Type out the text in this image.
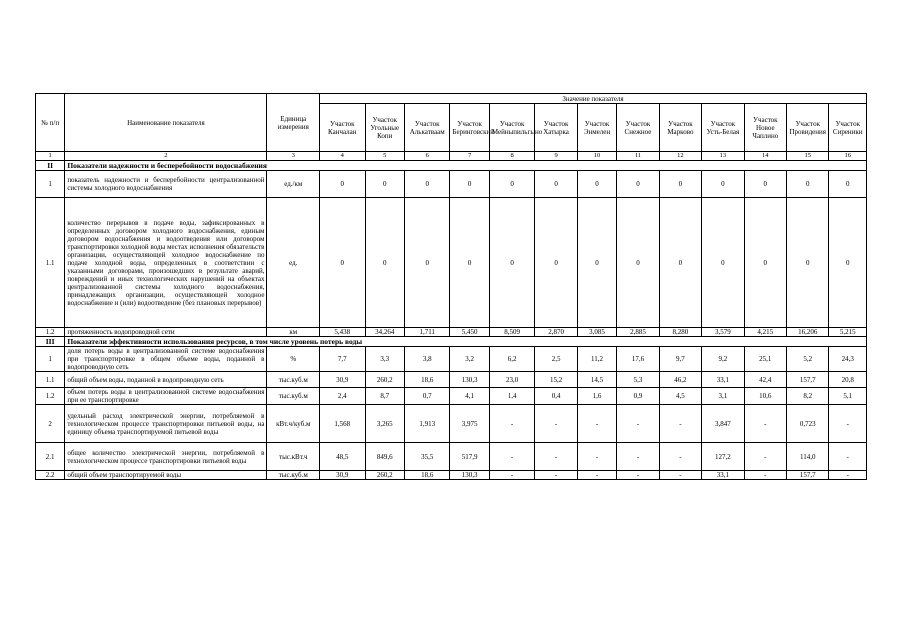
№ п/п	Наименование показателя	Единица измерения	Значение показателя												
			Участок Канчалан	Участок Угольные Копи	Участок Алькатваам	Участок Беринговский	Участок Мейныпильгыно	Участок Хатырка	Участок Энмелен	Участок Снежное	Участок Марково	Участок Усть-Белая	Участок Новое Чаплино	Участок Провидения	Участок Сиреники
1	2	3	4	5	6	7	8	9	10	11	12	13	14	15	16
II	Показатели надежности и бесперебойности водоснабжения														
1	показатель надежности и бесперебойности централизованной системы холодного водоснабжения	ед./км	0	0	0	0	0	0	0	0	0	0	0	0	0
1.1	количество перерывов в подаче воды, зафиксированных в определенных договором холодного водоснабжения, единым договором водоснабжения и водоотведения или договором транспортировки холодной воды местах исполнения обязательств организации, осуществляющей холодное водоснабжение по подаче холодной воды, определенных в соответствии с указанными договорами, произошедших в результате аварий, повреждений и иных технологических нарушений на объектах централизованной системы холодного водоснабжения, принадлежащих организации, осуществляющей холодное водоснабжение и (или) водоотведение (без плановых перерывов)	ед.	0	0	0	0	0	0	0	0	0	0	0	0	0
1.2	протяженность водопроводной сети	км	5,438	34,264	1,711	5,450	8,509	2,870	3,085	2,885	8,280	3,579	4,215	16,206	5,215
III	Показатели эффективности использования ресурсов, в том числе уровень потерь воды														
1	доля потерь воды в централизованной системе водоснабжения при транспортировке в общем объеме воды, поданной в водопроводную сеть	%	7,7	3,3	3,8	3,2	6,2	2,5	11,2	17,6	9,7	9,2	25,1	5,2	24,3
1.1	общий объем воды, поданной в водопроводную сеть	тыс.куб.м	30,9	260,2	18,6	130,3	23,0	15,2	14,5	5,3	46,2	33,1	42,4	157,7	20,8
1.2	объем потерь воды в централизованной системе водоснабжения при ее транспортировке	тыс.куб.м	2,4	8,7	0,7	4,1	1,4	0,4	1,6	0,9	4,5	3,1	10,6	8,2	5,1
2	удельный расход электрической энергии, потребляемой в технологическом процессе транспортировки питьевой воды, на единицу объема транспортируемой питьевой воды	кВт.ч/куб.м	1,568	3,265	1,913	3,975	-	-	-	-	-	3,847	-	0,723	-
2.1	общее количество электрической энергии, потребляемой в технологическом процессе транспортировки питьевой воды	тыс.кВт.ч	48,5	849,6	35,5	517,9	-	-	-	-	-	127,2	-	114,0	-
2.2	общий объем транспортируемой воды	тыс.куб.м	30,9	260,2	18,6	130,3	-	-	-	-	-	33,1	-	157,7	-
